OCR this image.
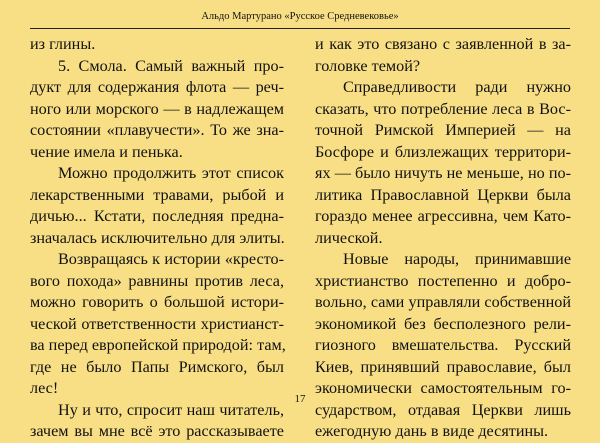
Альдо Мартурано «Русское Средневековье»
из глины.
5. Смола. Самый важный про-
дукт для содержания флота — реч-
ного или морского — в надлежащем
состоянии «плавучести». То же зна-
чение имела и пенька.
Можно продолжить этот список
лекарственными травами, рыбой и
дичью... Кстати, последняя предна-
значалась исключительно для элиты.
Возвращаясь к истории «кресто-
вого похода» равнины против леса,
можно говорить о большой истори-
ческой ответственности христианст-
ва перед европейской природой: там,
где не было Папы Римского, был
лес!
Ну и что, спросит наш читатель,
зачем вы мне всё это рассказываете
и как это связано с заявленной в за-
головке темой?
Справедливости ради нужно
сказать, что потребление леса в Вос-
точной Римской Империей — на
Босфоре и близлежащих территори-
ях — было ничуть не меньше, но по-
литика Православной Церкви была
гораздо менее агрессивна, чем Като-
лической.
Новые народы, принимавшие
христианство постепенно и добро-
вольно, сами управляли собственной
экономикой без бесполезного рели-
гиозного вмешательства. Русский
Киев, принявший православие, был
экономически самостоятельным го-
сударством, отдавая Церкви лишь
ежегодную дань в виде десятины.
17
